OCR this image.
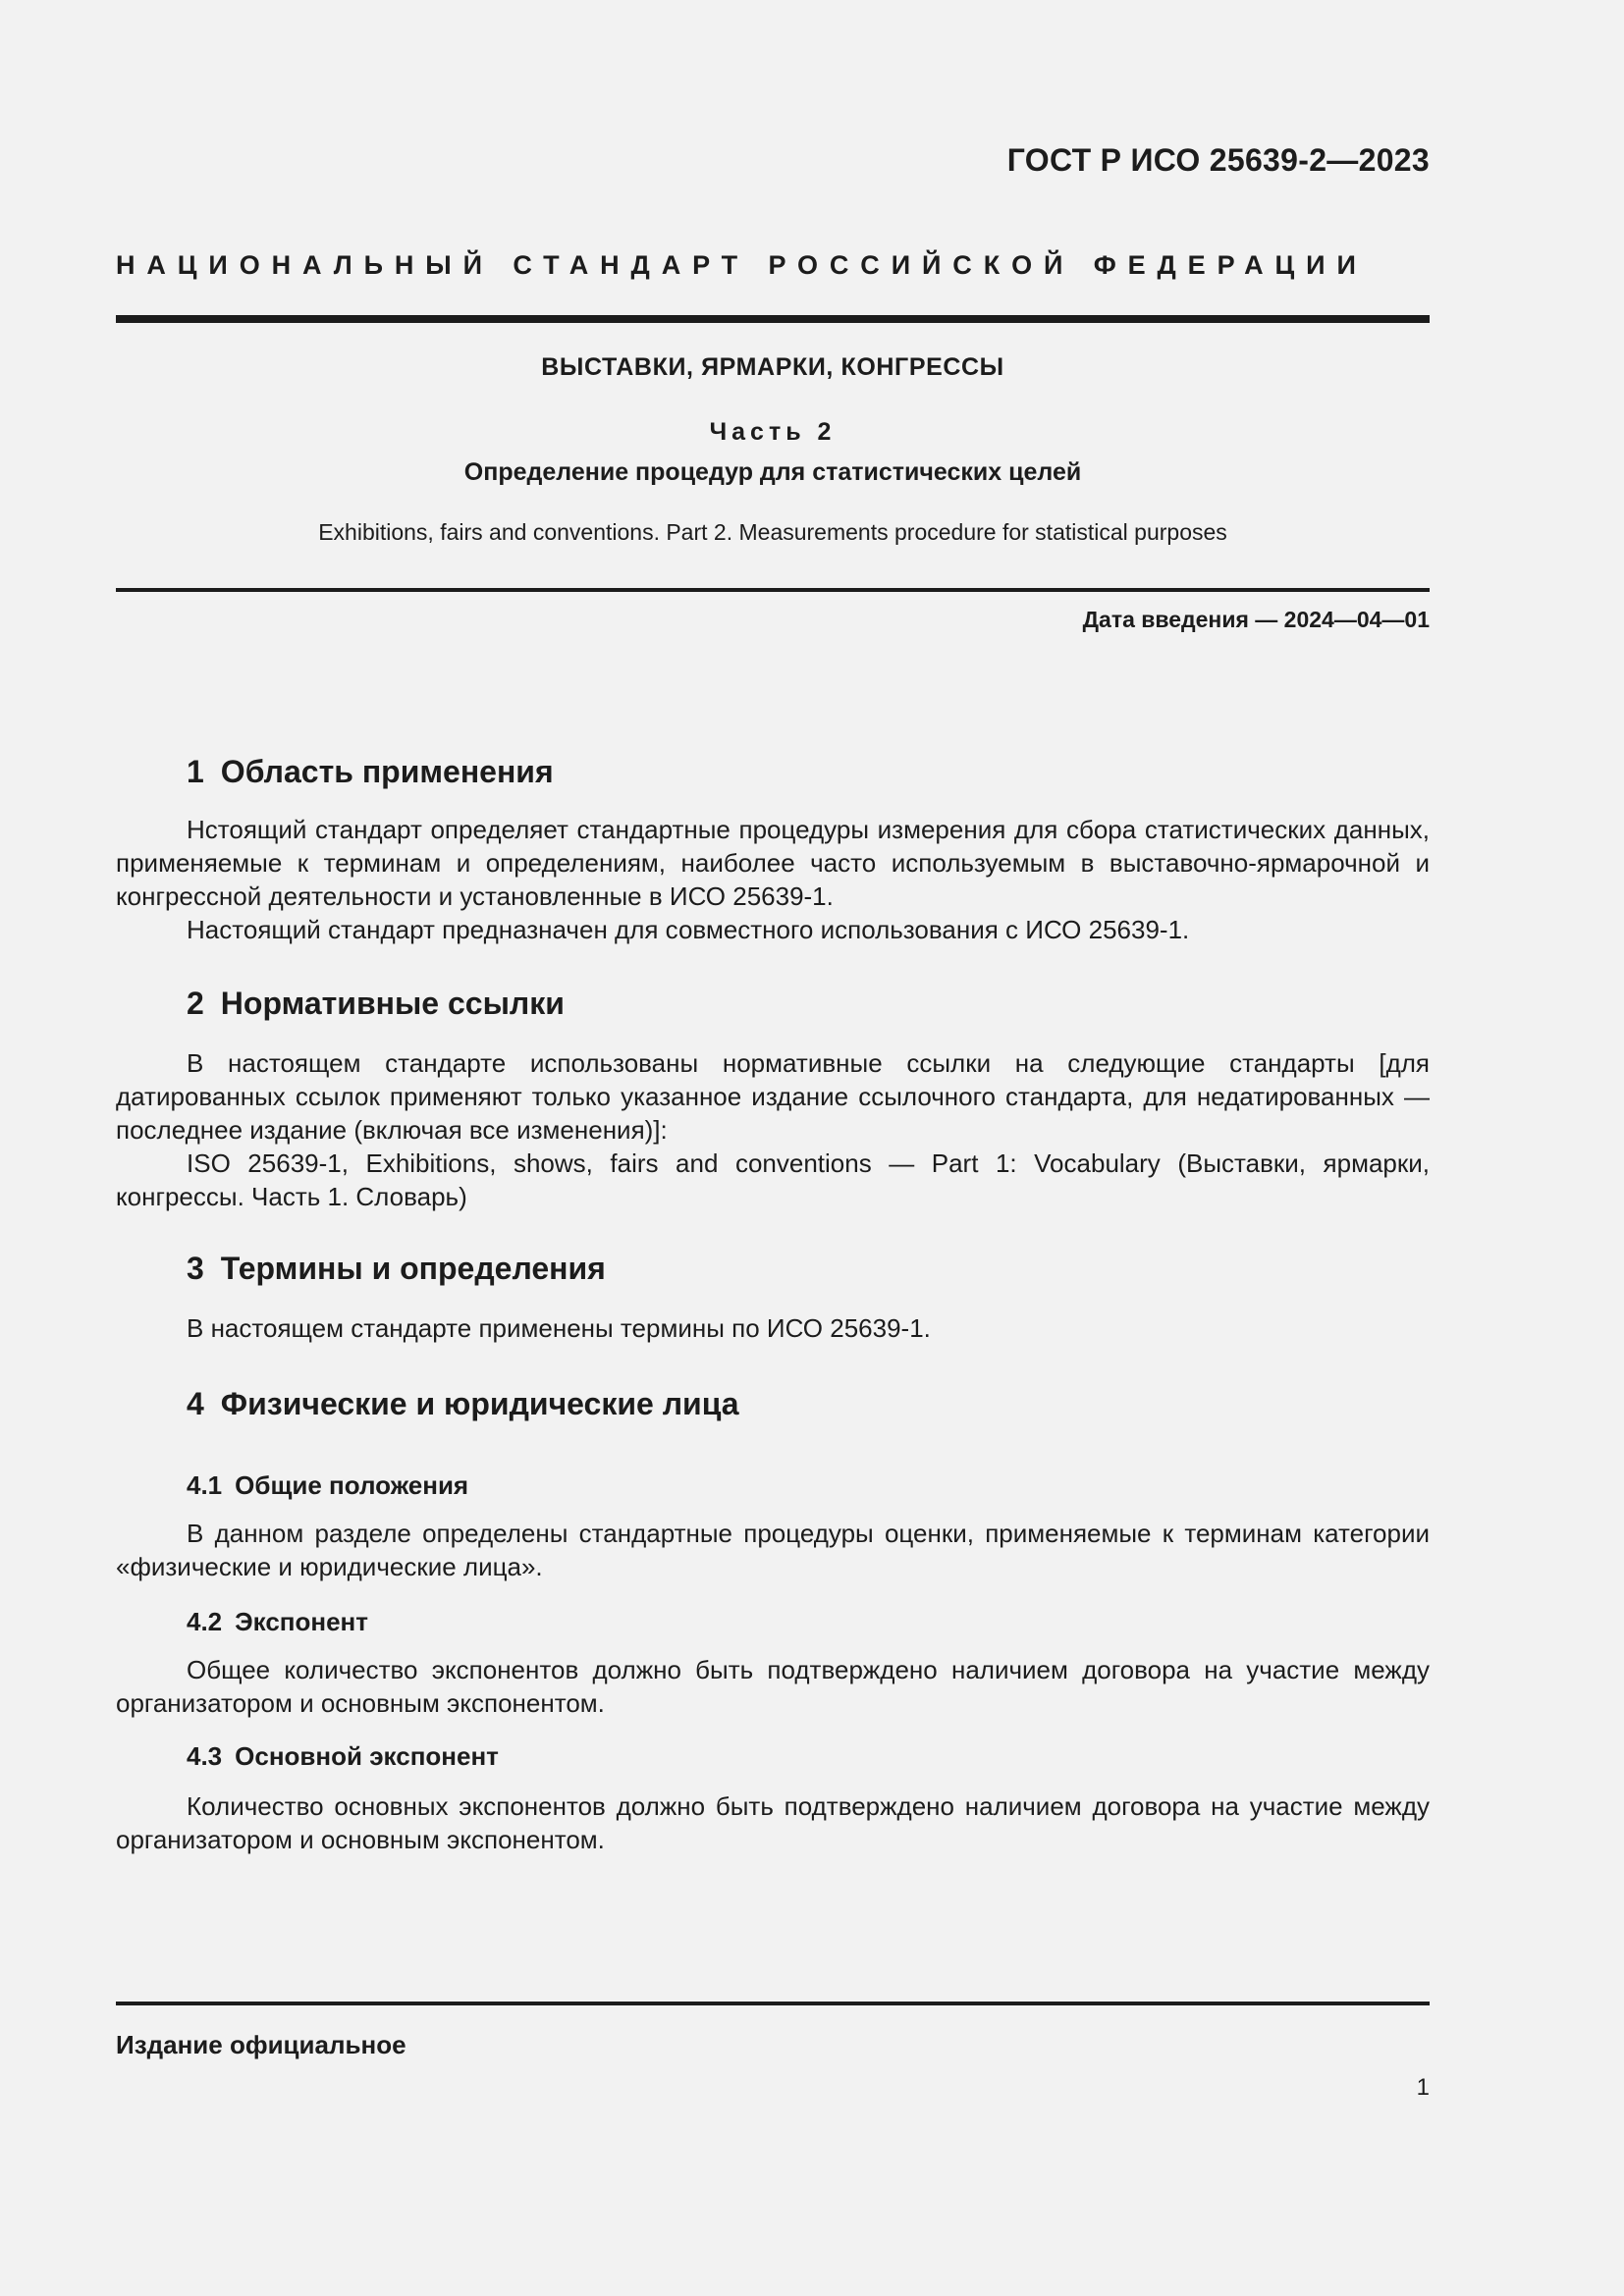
ГОСТ Р ИСО 25639-2—2023
НАЦИОНАЛЬНЫЙ СТАНДАРТ РОССИЙСКОЙ ФЕДЕРАЦИИ
ВЫСТАВКИ, ЯРМАРКИ, КОНГРЕССЫ
Часть 2
Определение процедур для статистических целей
Exhibitions, fairs and conventions. Part 2. Measurements procedure for statistical purposes
Дата введения — 2024—04—01
1 Область применения

Нстоящий стандарт определяет стандартные процедуры измерения для сбора статистических данных, применяемые к терминам и определениям, наиболее часто используемым в выставочно-ярмарочной и конгрессной деятельности и установленные в ИСО 25639-1.

Настоящий стандарт предназначен для совместного использования с ИСО 25639-1.

2 Нормативные ссылки

В настоящем стандарте использованы нормативные ссылки на следующие стандарты [для датированных ссылок применяют только указанное издание ссылочного стандарта, для недатированных — последнее издание (включая все изменения)]:

ISO 25639-1, Exhibitions, shows, fairs and conventions — Part 1: Vocabulary (Выставки, ярмарки, конгрессы. Часть 1. Словарь)

3 Термины и определения

В настоящем стандарте применены термины по ИСО 25639-1.

4 Физические и юридические лица
4.1 Общие положения

В данном разделе определены стандартные процедуры оценки, применяемые к терминам категории «физические и юридические лица».

4.2 Экспонент

Общее количество экспонентов должно быть подтверждено наличием договора на участие между организатором и основным экспонентом.

4.3 Основной экспонент

Количество основных экспонентов должно быть подтверждено наличием договора на участие между организатором и основным экспонентом.

Издание официальное
1
